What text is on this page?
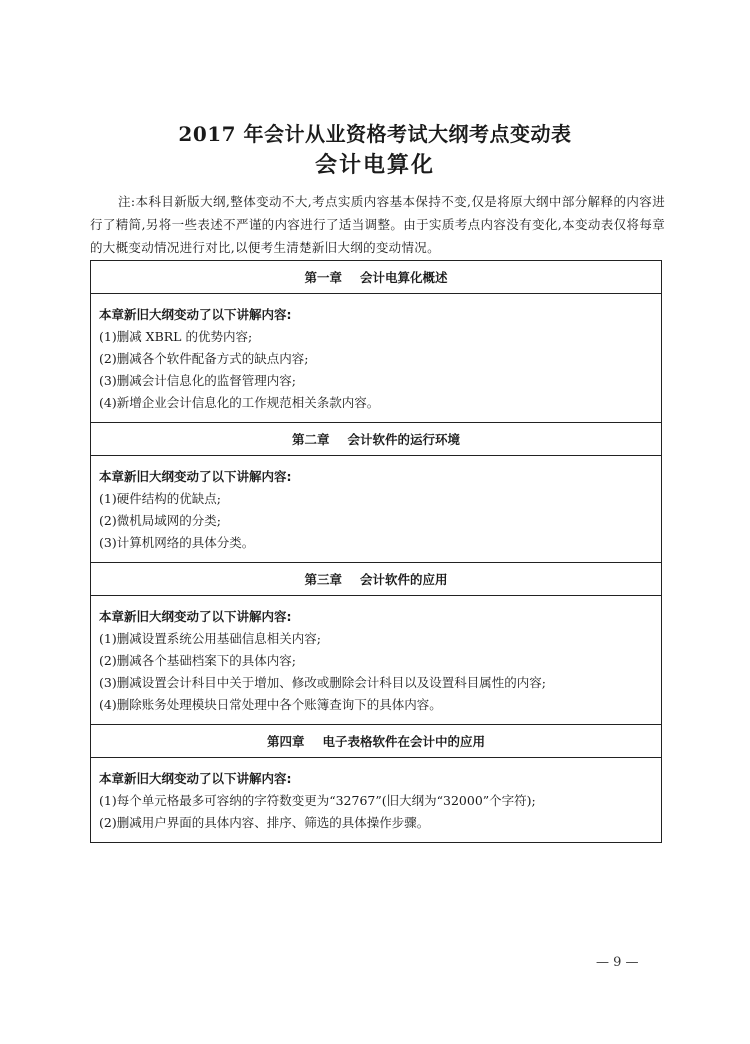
2017 年会计从业资格考试大纲考点变动表
会计电算化
注:本科目新版大纲,整体变动不大,考点实质内容基本保持不变,仅是将原大纲中部分解释的内容进行了精简,另将一些表述不严谨的内容进行了适当调整。由于实质考点内容没有变化,本变动表仅将每章的大概变动情况进行对比,以便考生清楚新旧大纲的变动情况。
第一章 会计电算化概述
本章新旧大纲变动了以下讲解内容:
(1)删减 XBRL 的优势内容;
(2)删减各个软件配备方式的缺点内容;
(3)删减会计信息化的监督管理内容;
(4)新增企业会计信息化的工作规范相关条款内容。
第二章 会计软件的运行环境
本章新旧大纲变动了以下讲解内容:
(1)硬件结构的优缺点;
(2)微机局域网的分类;
(3)计算机网络的具体分类。
第三章 会计软件的应用
本章新旧大纲变动了以下讲解内容:
(1)删减设置系统公用基础信息相关内容;
(2)删减各个基础档案下的具体内容;
(3)删减设置会计科目中关于增加、修改或删除会计科目以及设置科目属性的内容;
(4)删除账务处理模块日常处理中各个账簿查询下的具体内容。
第四章 电子表格软件在会计中的应用
本章新旧大纲变动了以下讲解内容:
(1)每个单元格最多可容纳的字符数变更为“32767”(旧大纲为“32000”个字符);
(2)删减用户界面的具体内容、排序、筛选的具体操作步骤。
— 9 —
